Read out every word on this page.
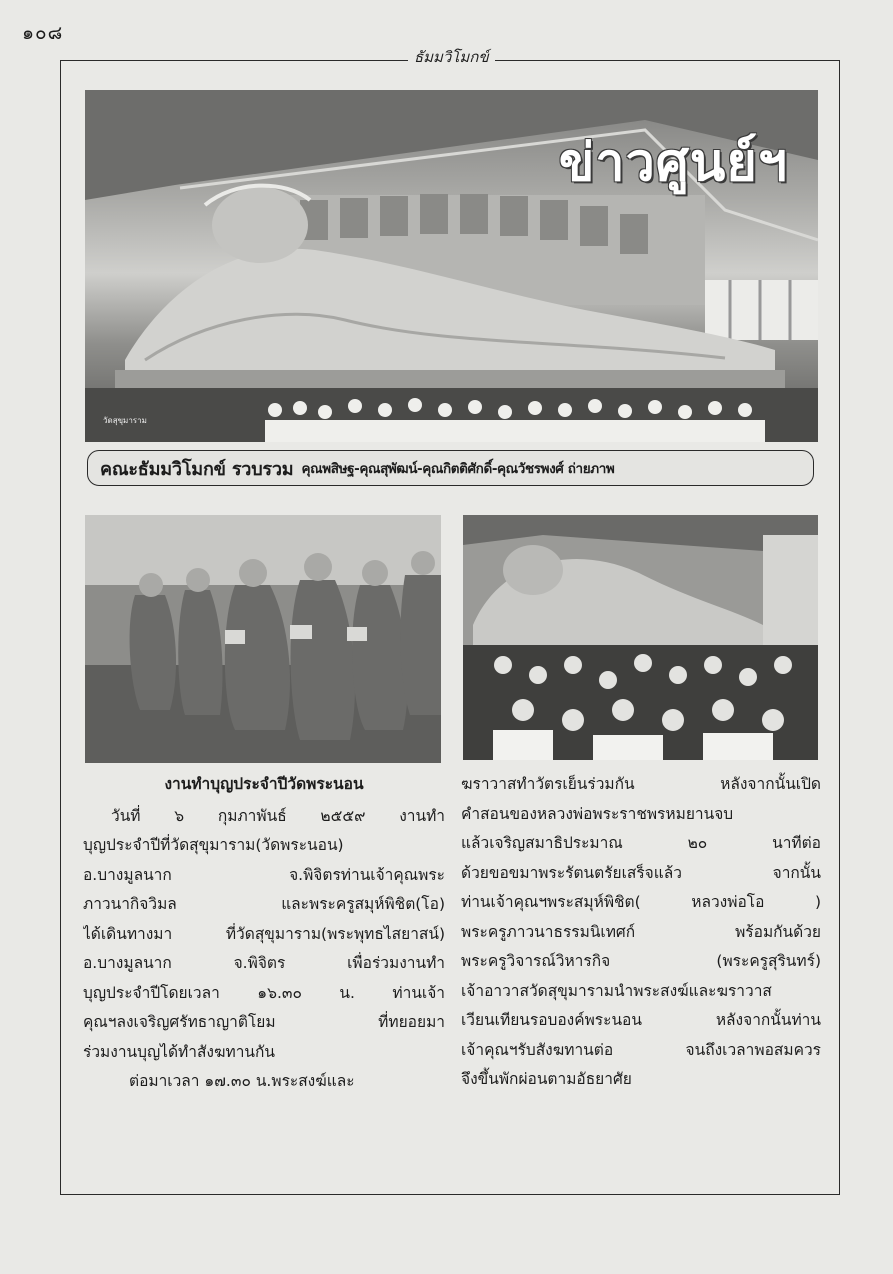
๑๐๘
ธัมมวิโมกข์
ข่าวศูนย์ฯ
วัดสุขุมาราม
คณะธัมมวิโมกข์ รวบรวม คุณพสิษฐ-คุณสุพัฒน์-คุณกิตติศักดิ์-คุณวัชรพงศ์ ถ่ายภาพ
งานทำบุญประจำปีวัดพระนอน
วันที่ ๖ กุมภาพันธ์ ๒๕๕๙ งานทำ
บุญประจำปีที่วัดสุขุมาราม(วัดพระนอน)
อ.บางมูลนาก จ.พิจิตรท่านเจ้าคุณพระ
ภาวนากิจวิมล และพระครูสมุห์พิชิต(โอ)
ได้เดินทางมา ที่วัดสุขุมาราม(พระพุทธไสยาสน์)
อ.บางมูลนาก จ.พิจิตร เพื่อร่วมงานทำ
บุญประจำปีโดยเวลา ๑๖.๓๐ น. ท่านเจ้า
คุณฯลงเจริญศรัทธาญาติโยม ที่ทยอยมา
ร่วมงานบุญได้ทำสังฆทานกัน
ต่อมาเวลา ๑๗.๓๐ น.พระสงฆ์และ
ฆราวาสทำวัตรเย็นร่วมกัน หลังจากนั้นเปิด
คำสอนของหลวงพ่อพระราชพรหมยานจบ
แล้วเจริญสมาธิประมาณ ๒๐ นาทีต่อ
ด้วยขอขมาพระรัตนตรัยเสร็จแล้ว จากนั้น
ท่านเจ้าคุณฯพระสมุห์พิชิต( หลวงพ่อโอ )
พระครูภาวนาธรรมนิเทศก์ พร้อมกันด้วย
พระครูวิจารณ์วิหารกิจ (พระครูสุรินทร์)
เจ้าอาวาสวัดสุขุมารามนำพระสงฆ์และฆราวาส
เวียนเทียนรอบองค์พระนอน หลังจากนั้นท่าน
เจ้าคุณฯรับสังฆทานต่อ จนถึงเวลาพอสมควร
จึงขึ้นพักผ่อนตามอัธยาศัย
